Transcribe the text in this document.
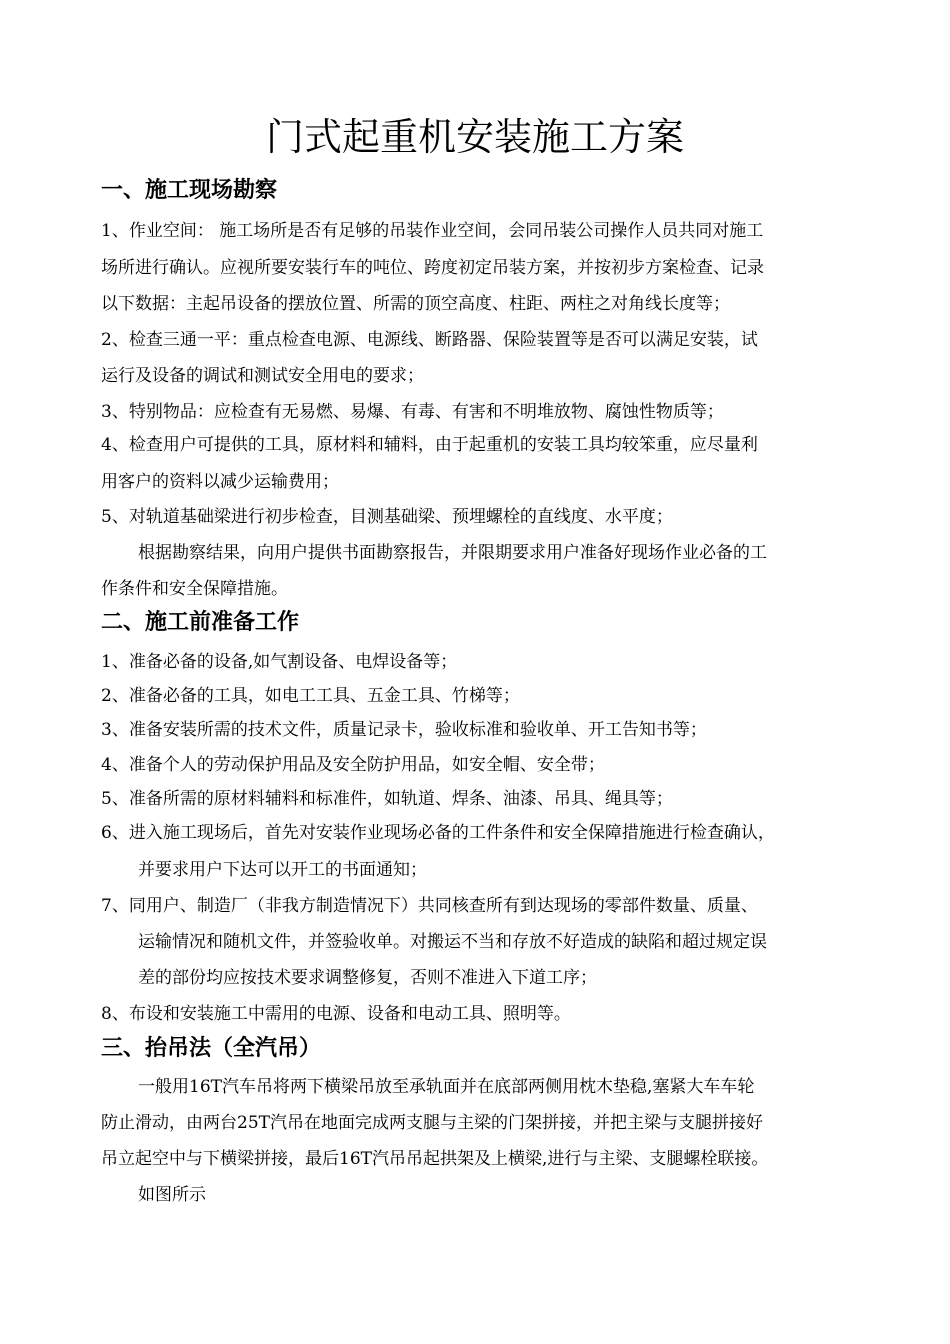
门式起重机安装施工方案
一、施工现场勘察
1、作业空间： 施工场所是否有足够的吊装作业空间，会同吊装公司操作人员共同对施工
场所进行确认。应视所要安装行车的吨位、跨度初定吊装方案，并按初步方案检查、记录
以下数据：主起吊设备的摆放位置、所需的顶空高度、柱距、两柱之对角线长度等；
2、检查三通一平：重点检查电源、电源线、断路器、保险装置等是否可以满足安装，试
运行及设备的调试和测试安全用电的要求；
3、特别物品：应检查有无易燃、易爆、有毒、有害和不明堆放物、腐蚀性物质等；
4、检查用户可提供的工具，原材料和辅料，由于起重机的安装工具均较笨重，应尽量利
用客户的资料以减少运输费用；
5、对轨道基础梁进行初步检查，目测基础梁、预埋螺栓的直线度、水平度；
根据勘察结果，向用户提供书面勘察报告，并限期要求用户准备好现场作业必备的工
作条件和安全保障措施。
二、施工前准备工作
1、准备必备的设备,如气割设备、电焊设备等；
2、准备必备的工具，如电工工具、五金工具、竹梯等；
3、准备安装所需的技术文件，质量记录卡，验收标准和验收单、开工告知书等；
4、准备个人的劳动保护用品及安全防护用品，如安全帽、安全带；
5、准备所需的原材料辅料和标准件，如轨道、焊条、油漆、吊具、绳具等；
6、进入施工现场后，首先对安装作业现场必备的工件条件和安全保障措施进行检查确认，
并要求用户下达可以开工的书面通知；
7、同用户、制造厂（非我方制造情况下）共同核查所有到达现场的零部件数量、质量、
运输情况和随机文件，并签验收单。对搬运不当和存放不好造成的缺陷和超过规定误
差的部份均应按技术要求调整修复，否则不准进入下道工序；
8、布设和安装施工中需用的电源、设备和电动工具、照明等。
三、抬吊法（全汽吊）
一般用16T汽车吊将两下横梁吊放至承轨面并在底部两侧用枕木垫稳,塞紧大车车轮
防止滑动，由两台25T汽吊在地面完成两支腿与主梁的门架拼接，并把主梁与支腿拼接好
吊立起空中与下横梁拼接，最后16T汽吊吊起拱架及上横梁,进行与主梁、支腿螺栓联接。
如图所示
